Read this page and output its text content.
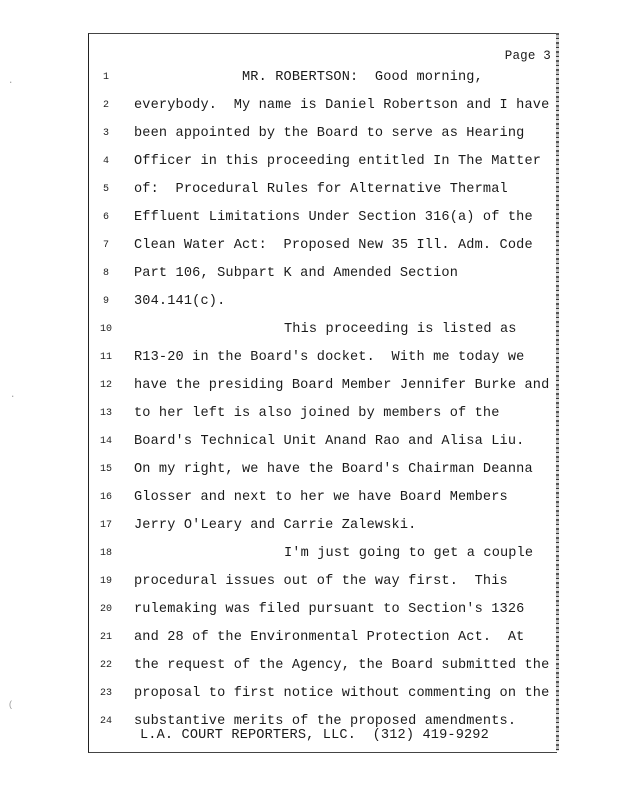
·
·
(
Page 3
1	MR. ROBERTSON:  Good morning,
2	everybody.  My name is Daniel Robertson and I have
3	been appointed by the Board to serve as Hearing
4	Officer in this proceeding entitled In The Matter
5	of:  Procedural Rules for Alternative Thermal
6	Effluent Limitations Under Section 316(a) of the
7	Clean Water Act:  Proposed New 35 Ill. Adm. Code
8	Part 106, Subpart K and Amended Section
9	304.141(c).
10	This proceeding is listed as
11 R13-20 in the Board's docket.  With me today we
12 have the presiding Board Member Jennifer Burke and
13 to her left is also joined by members of the
14 Board's Technical Unit Anand Rao and Alisa Liu.
15 On my right, we have the Board's Chairman Deanna
16 Glosser and next to her we have Board Members
17 Jerry O'Leary and Carrie Zalewski.
18	I'm just going to get a couple
19 procedural issues out of the way first.  This
20 rulemaking was filed pursuant to Section's 1326
21 and 28 of the Environmental Protection Act.  At
22 the request of the Agency, the Board submitted the
23 proposal to first notice without commenting on the
24 substantive merits of the proposed amendments.
L.A. COURT REPORTERS, LLC.  (312) 419-9292
